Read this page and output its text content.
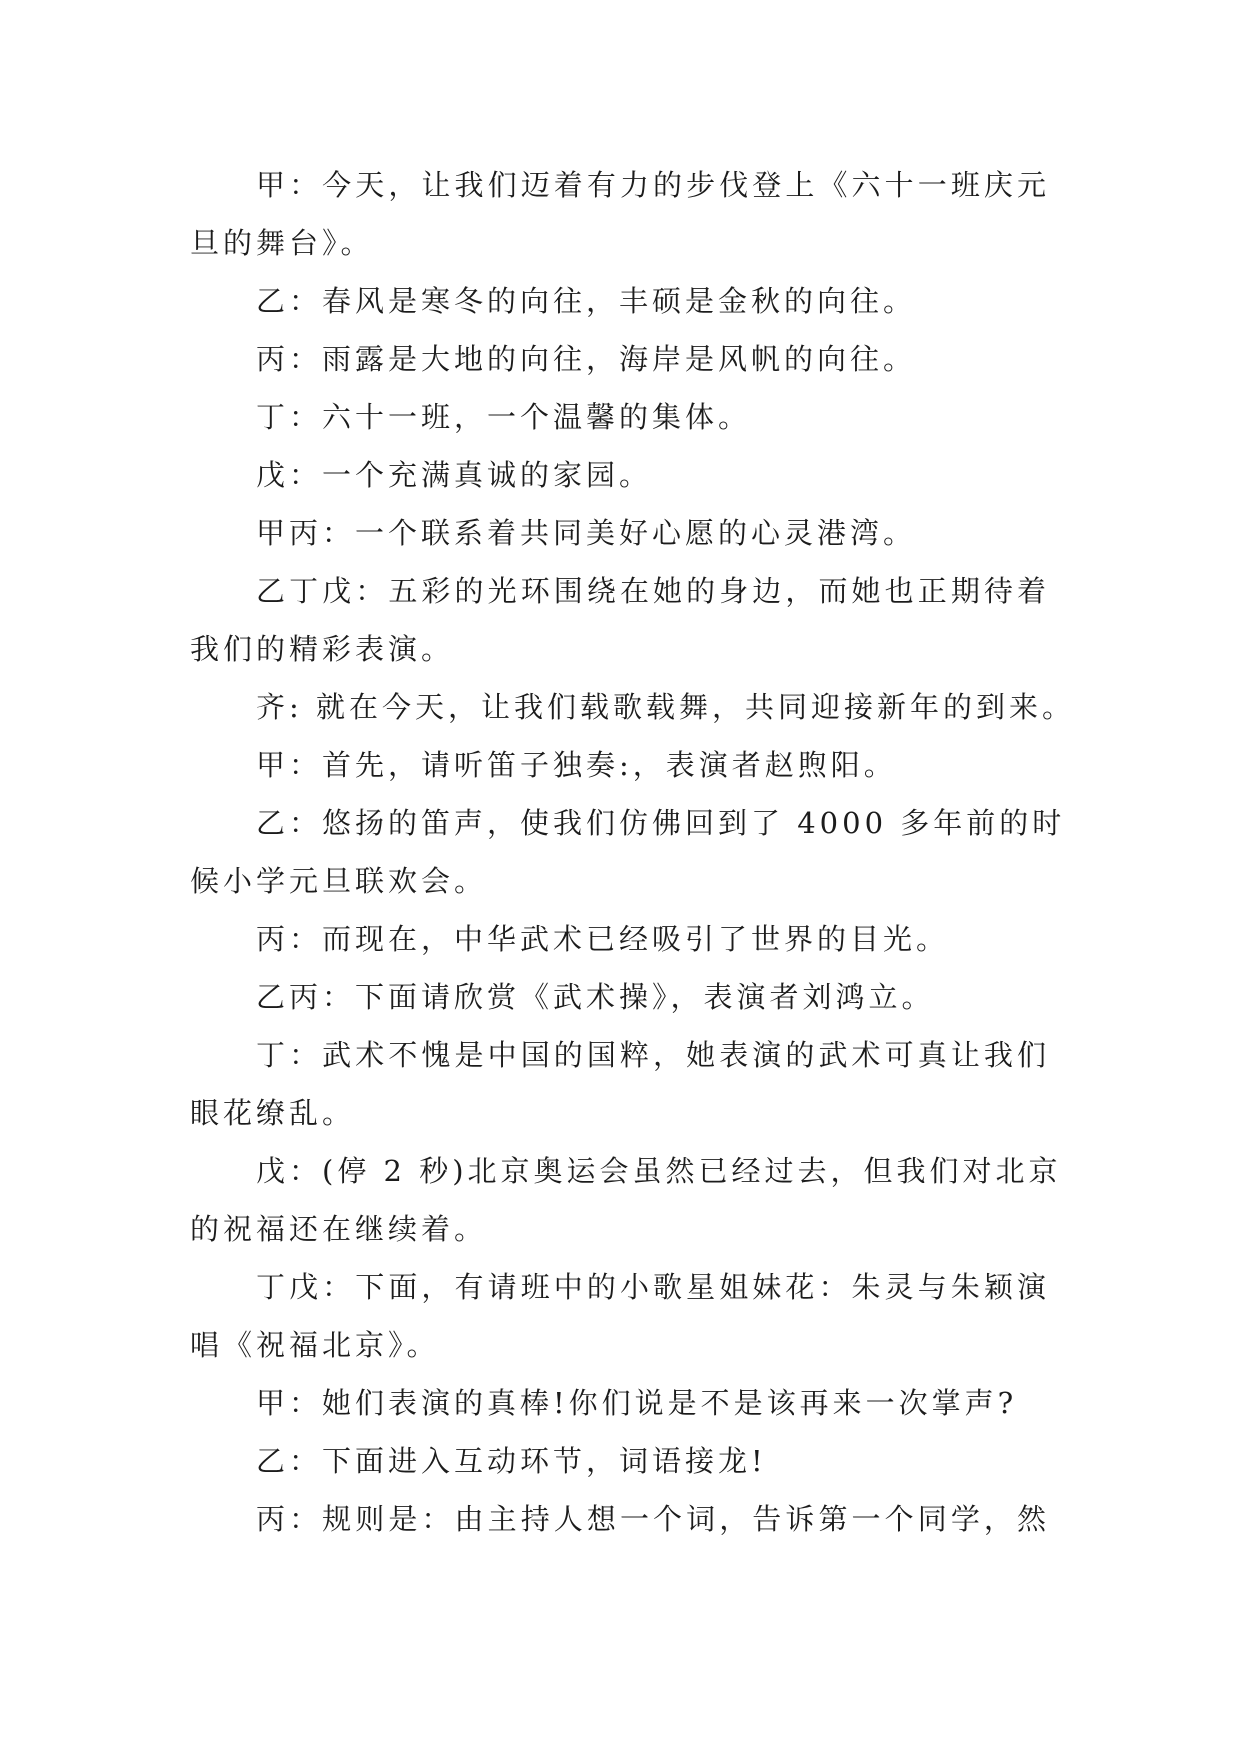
甲：今天，让我们迈着有力的步伐登上《六十一班庆元
旦的舞台》。
乙：春风是寒冬的向往，丰硕是金秋的向往。
丙：雨露是大地的向往，海岸是风帆的向往。
丁：六十一班，一个温馨的集体。
戊：一个充满真诚的家园。
甲丙：一个联系着共同美好心愿的心灵港湾。
乙丁戊：五彩的光环围绕在她的身边，而她也正期待着
我们的精彩表演。
齐: 就在今天，让我们载歌载舞，共同迎接新年的到来。
甲：首先，请听笛子独奏:，表演者赵煦阳。
乙：悠扬的笛声，使我们仿佛回到了 4000 多年前的时
候小学元旦联欢会。
丙：而现在，中华武术已经吸引了世界的目光。
乙丙：下面请欣赏《武术操》，表演者刘鸿立。
丁：武术不愧是中国的国粹，她表演的武术可真让我们
眼花缭乱。
戊：(停 2 秒)北京奥运会虽然已经过去，但我们对北京
的祝福还在继续着。
丁戊：下面，有请班中的小歌星姐妹花：朱灵与朱颖演
唱《祝福北京》。
甲：她们表演的真棒!你们说是不是该再来一次掌声?
乙：下面进入互动环节，词语接龙!
丙：规则是：由主持人想一个词，告诉第一个同学，然
